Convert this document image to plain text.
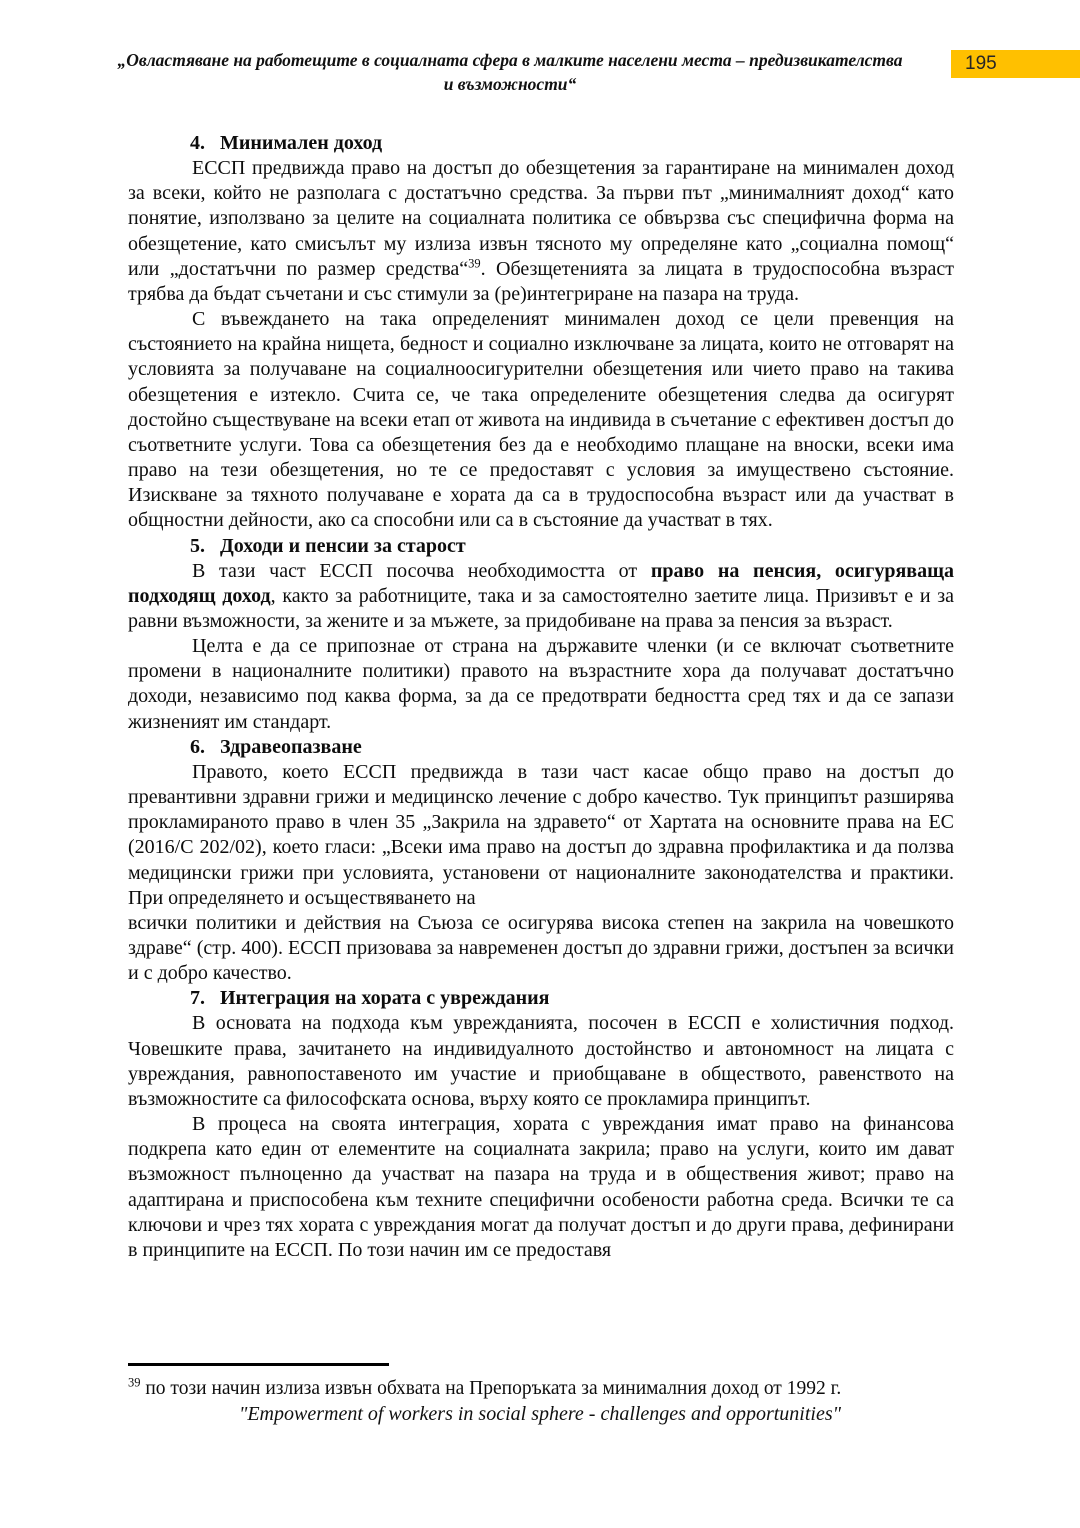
„Овластяване на работещите в социалната сфера в малките населени места – предизвикателства
и възможности“
195
4. Минимален доход

ЕССП предвижда право на достъп до обезщетения за гарантиране на минимален доход за всеки, който не разполага с достатъчно средства. За първи път „минималният доход“ като понятие, използвано за целите на социалната политика се обвързва със специфична форма на обезщетение, като смисълът му излиза извън тясното му определяне като „социална помощ“ или „достатъчни по размер средства“$^{39}$. Обезщетенията за лицата в трудоспособна възраст трябва да бъдат съчетани и със стимули за (ре)интегриране на пазара на труда.

С въвеждането на така определеният минимален доход се цели превенция на състоянието на крайна нищета, бедност и социално изключване за лицата, които не отговарят на условията за получаване на социалноосигурителни обезщетения или чието право на такива обезщетения е изтекло. Счита се, че така определените обезщетения следва да осигурят достойно съществуване на всеки етап от живота на индивида в съчетание с ефективен достъп до съответните услуги. Това са обезщетения без да е необходимо плащане на вноски, всеки има право на тези обезщетения, но те се предоставят с условия за имуществено състояние. Изискване за тяхното получаване е хората да са в трудоспособна възраст или да участват в общностни дейности, ако са способни или са в състояние да участват в тях.

5. Доходи и пенсии за старост

В тази част ЕССП посочва необходимостта от право на пенсия, осигуряваща подходящ доход, както за работниците, така и за самостоятелно заетите лица. Призивът е и за равни възможности, за жените и за мъжете, за придобиване на права за пенсия за възраст.

Целта е да се припознае от страна на държавите членки (и се включат съответните промени в националните политики) правото на възрастните хора да получават достатъчно доходи, независимо под каква форма, за да се предотврати бедността сред тях и да се запази жизненият им стандарт.

6. Здравеопазване

Правото, което ЕССП предвижда в тази част касае общо право на достъп до превантивни здравни грижи и медицинско лечение с добро качество. Тук принципът разширява прокламираното право в член 35 „Закрила на здравето“ от Хартата на основните права на ЕС (2016/С 202/02), което гласи: „Всеки има право на достъп до здравна профилактика и да ползва медицински грижи при условията, установени от националните законодателства и практики. При определянето и осъществяването на
всички политики и действия на Съюза се осигурява висока степен на закрила на човешкото здраве“ (стр. 400). ЕССП призовава за навременен достъп до здравни грижи, достъпен за всички и с добро качество.

7. Интеграция на хората с увреждания

В основата на подхода към уврежданията, посочен в ЕССП е холистичния подход. Човешките права, зачитането на индивидуалното достойнство и автономност на лицата с увреждания, равнопоставеното им участие и приобщаване в обществото, равенството на възможностите са философската основа, върху която се прокламира принципът.

В процеса на своята интеграция, хората с увреждания имат право на финансова подкрепа като един от елементите на социалната закрила; право на услуги, които им дават възможност пълноценно да участват на пазара на труда и в обществения живот; право на адаптирана и приспособена към техните специфични особености работна среда. Всички те са ключови и чрез тях хората с увреждания могат да получат достъп и до други права, дефинирани в принципите на ЕССП. По този начин им се предоставя

$^{39}$ по този начин излиза извън обхвата на Препоръката за минималния доход от 1992 г.
"Empowerment of workers in social sphere - challenges and opportunities"
